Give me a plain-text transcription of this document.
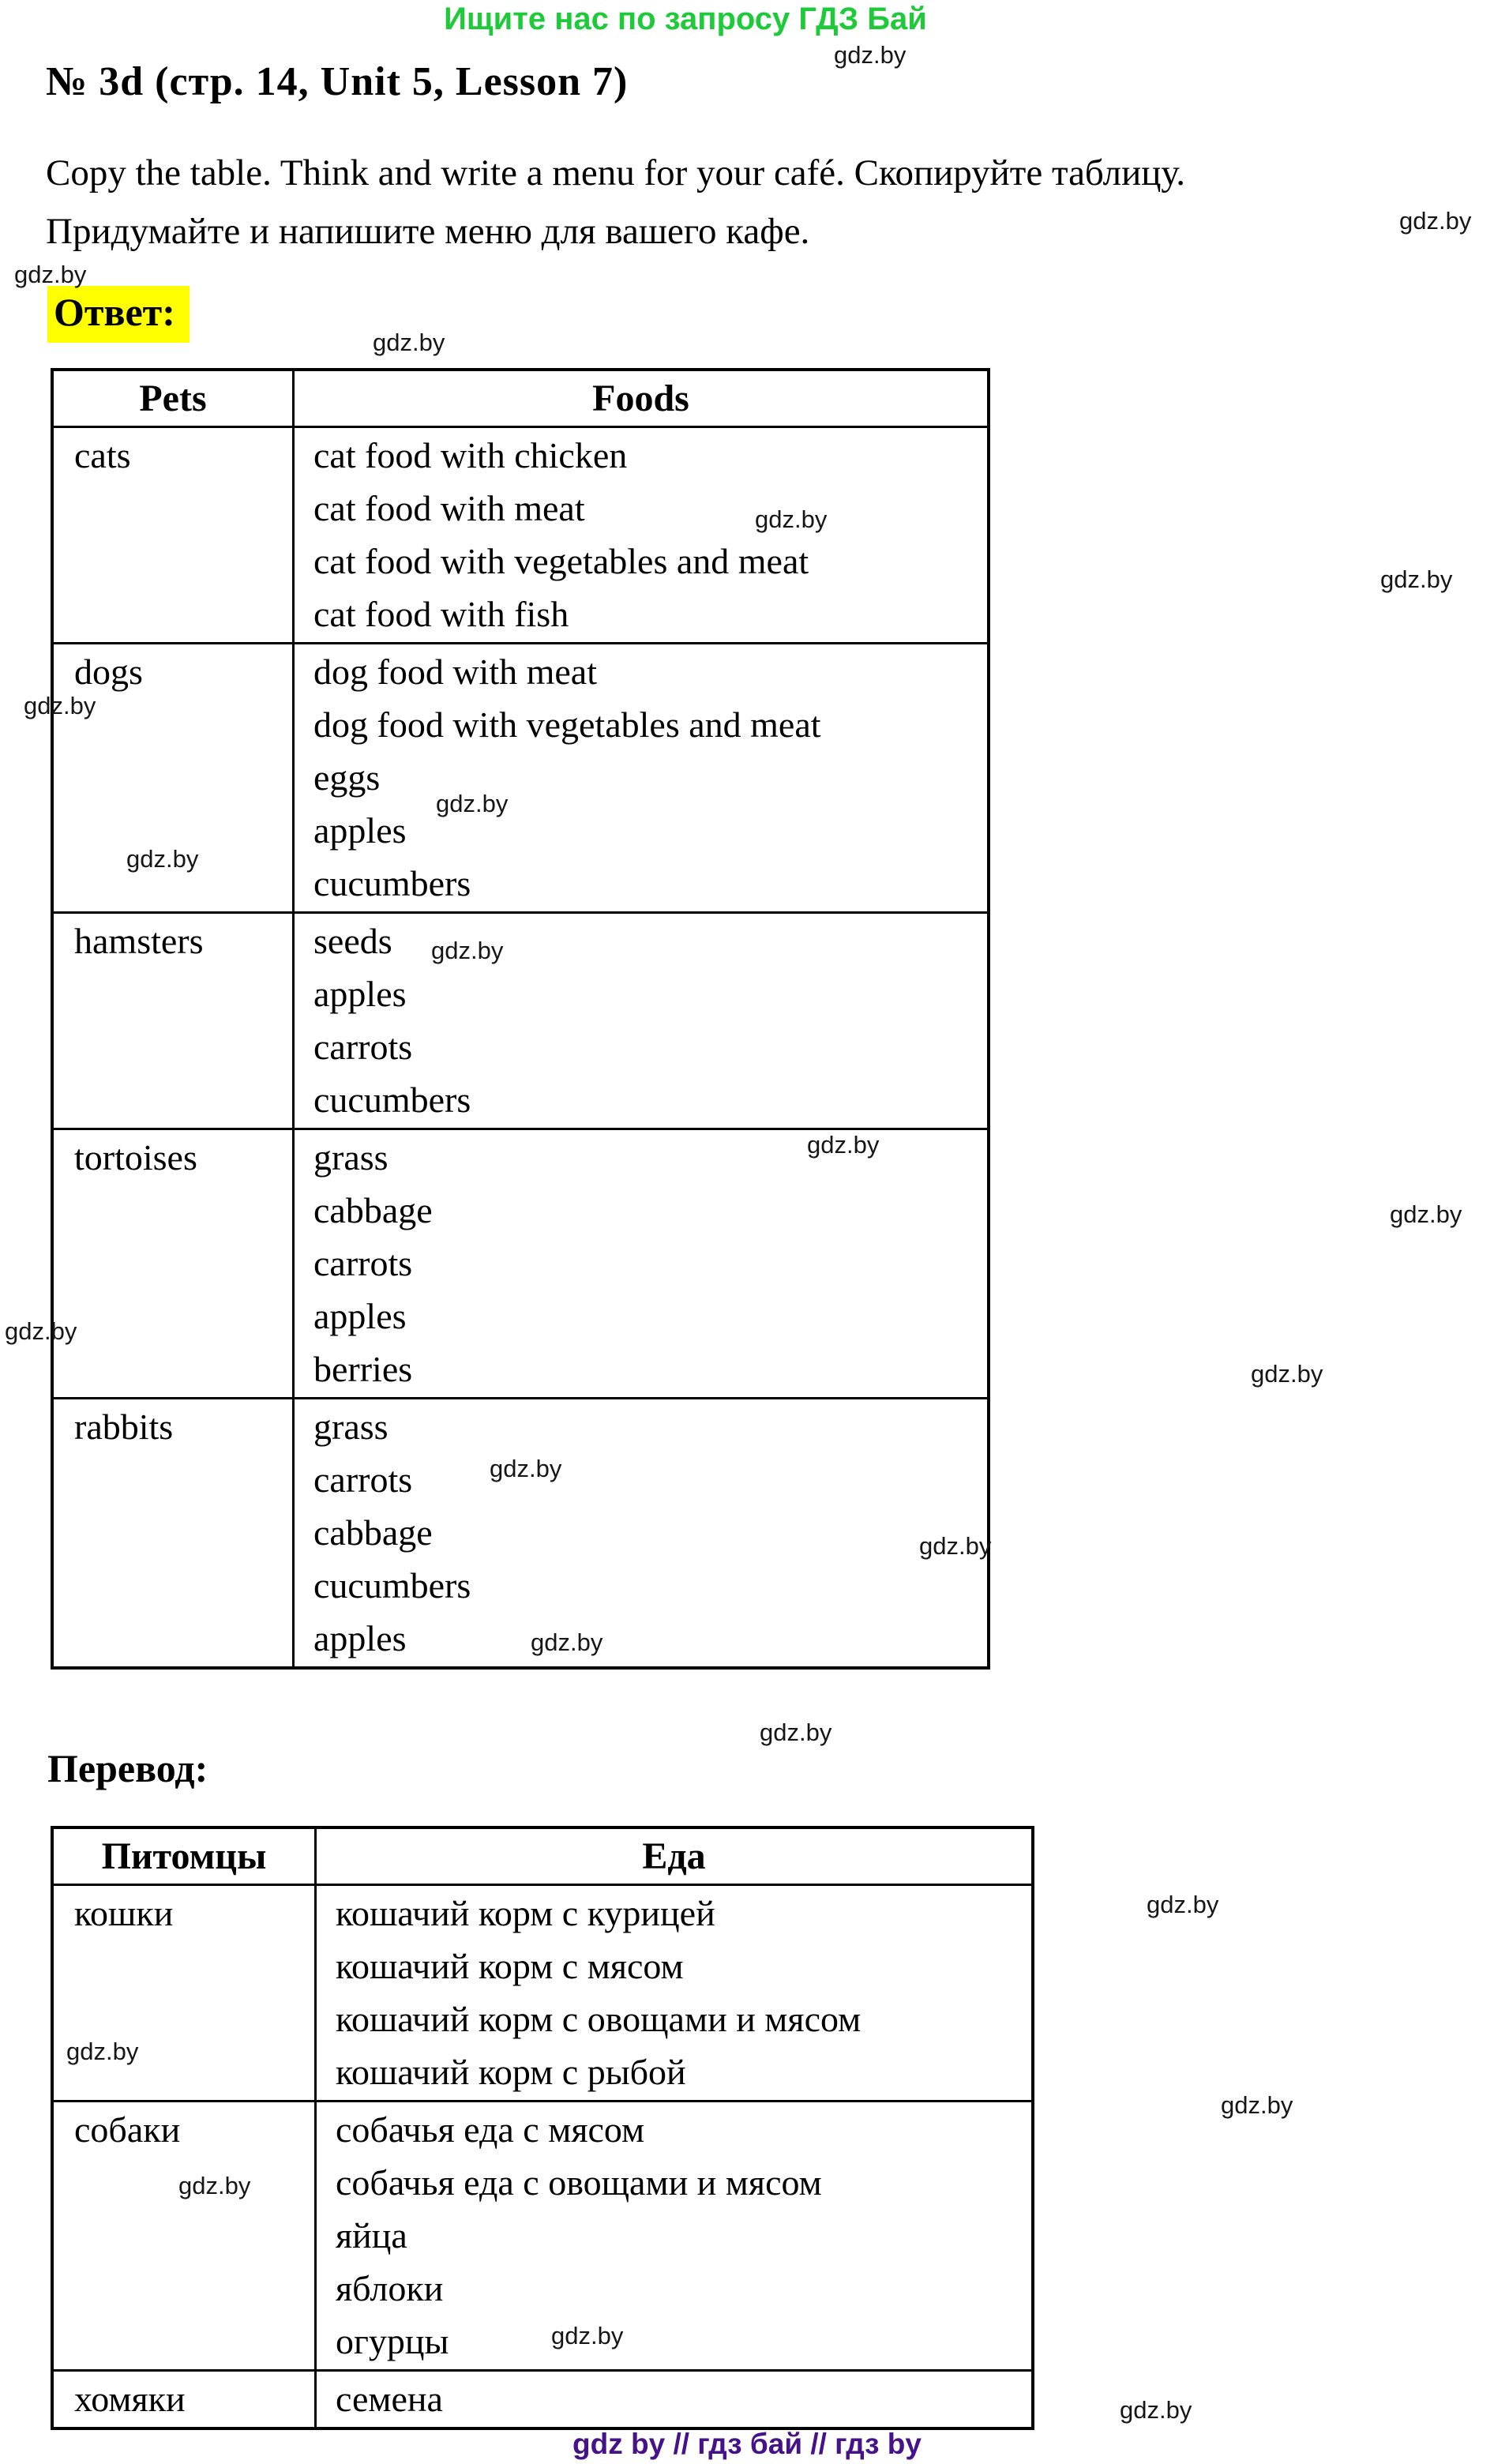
Ищите нас по запросу ГДЗ Бай
№ 3d (стр. 14, Unit 5, Lesson 7)

Copy the table. Think and write a menu for your café. Скопируйте таблицу.
Придумайте и напишите меню для вашего кафе.

Ответ:
Pets	Foods
cats	cat food with chicken
cat food with meat
cat food with vegetables and meat
cat food with fish

dogs	dog food with meat
dog food with vegetables and meat
eggs
apples
cucumbers

hamsters	seeds
apples
carrots
cucumbers

tortoises	grass
cabbage
carrots
apples
berries

rabbits	grass
carrots
cabbage
cucumbers
apples
Перевод:
Питомцы	Еда
кошки	кошачий корм с курицей
кошачий корм с мясом
кошачий корм с овощами и мясом
кошачий корм с рыбой

собаки	собачья еда с мясом
собачья еда с овощами и мясом
яйца
яблоки
огурцы

хомяки	семена
gdz by // гдз бай // гдз by
gdz.by
gdz.by
gdz.by
gdz.by
gdz.by
gdz.by
gdz.by
gdz.by
gdz.by
gdz.by
gdz.by
gdz.by
gdz.by
gdz.by
gdz.by
gdz.by
gdz.by
gdz.by
gdz.by
gdz.by
gdz.by
gdz.by
gdz.by
gdz.by
